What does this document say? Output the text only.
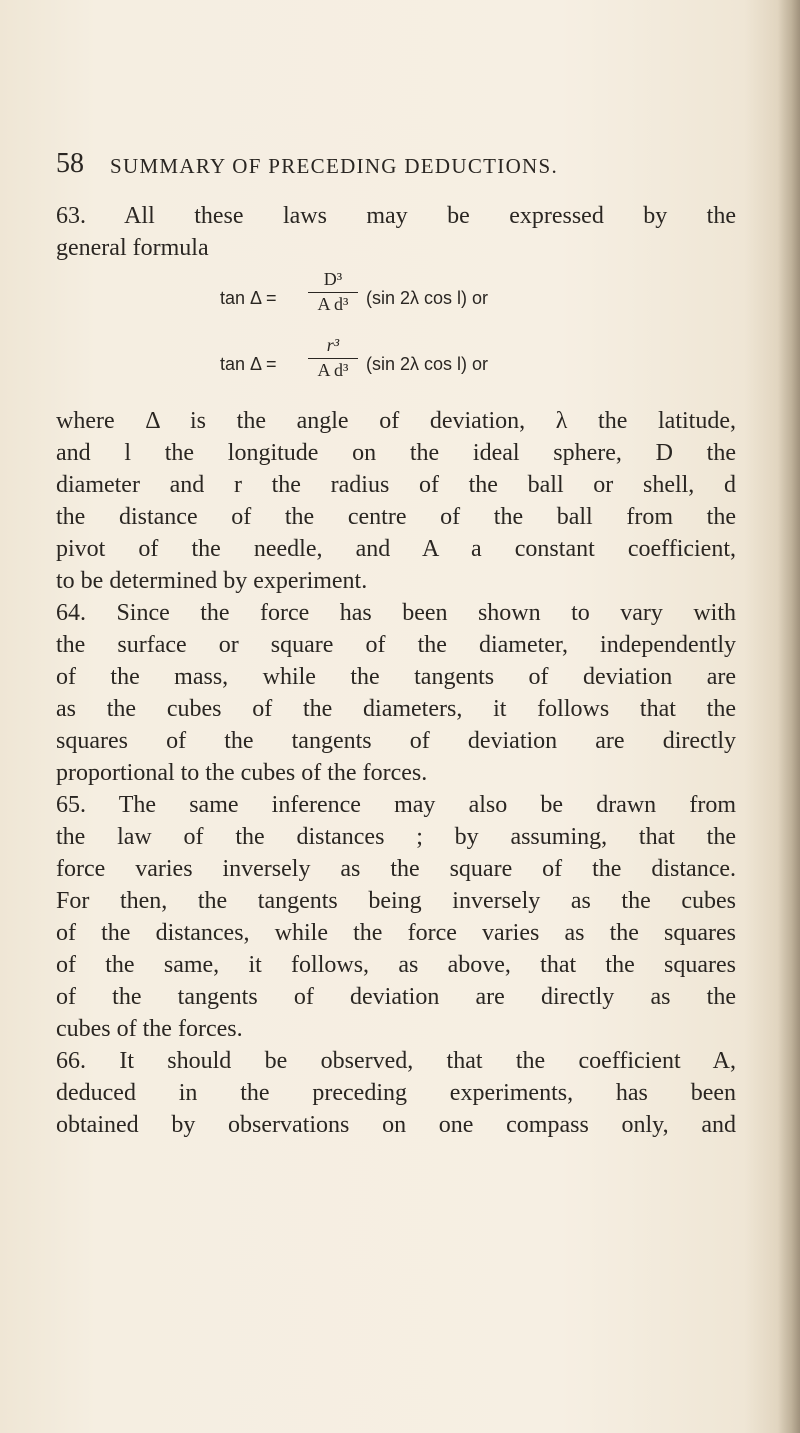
58 SUMMARY OF PRECEDING DEDUCTIONS.
63. All these laws may be expressed by the
general formula
tan Δ =
D³
A d³ (sin 2λ cos l) or
tan Δ =
r³
A d³ (sin 2λ cos l) or
where Δ is the angle of deviation, λ the latitude,
and l the longitude on the ideal sphere, D the
diameter and r the radius of the ball or shell, d
the distance of the centre of the ball from the
pivot of the needle, and A a constant coefficient,
to be determined by experiment.
64. Since the force has been shown to vary with
the surface or square of the diameter, independently
of the mass, while the tangents of deviation are
as the cubes of the diameters, it follows that the
squares of the tangents of deviation are directly
proportional to the cubes of the forces.
65. The same inference may also be drawn from
the law of the distances ; by assuming, that the
force varies inversely as the square of the distance.
For then, the tangents being inversely as the cubes
of the distances, while the force varies as the squares
of the same, it follows, as above, that the squares
of the tangents of deviation are directly as the
cubes of the forces.
66. It should be observed, that the coefficient A,
deduced in the preceding experiments, has been
obtained by observations on one compass only, and
